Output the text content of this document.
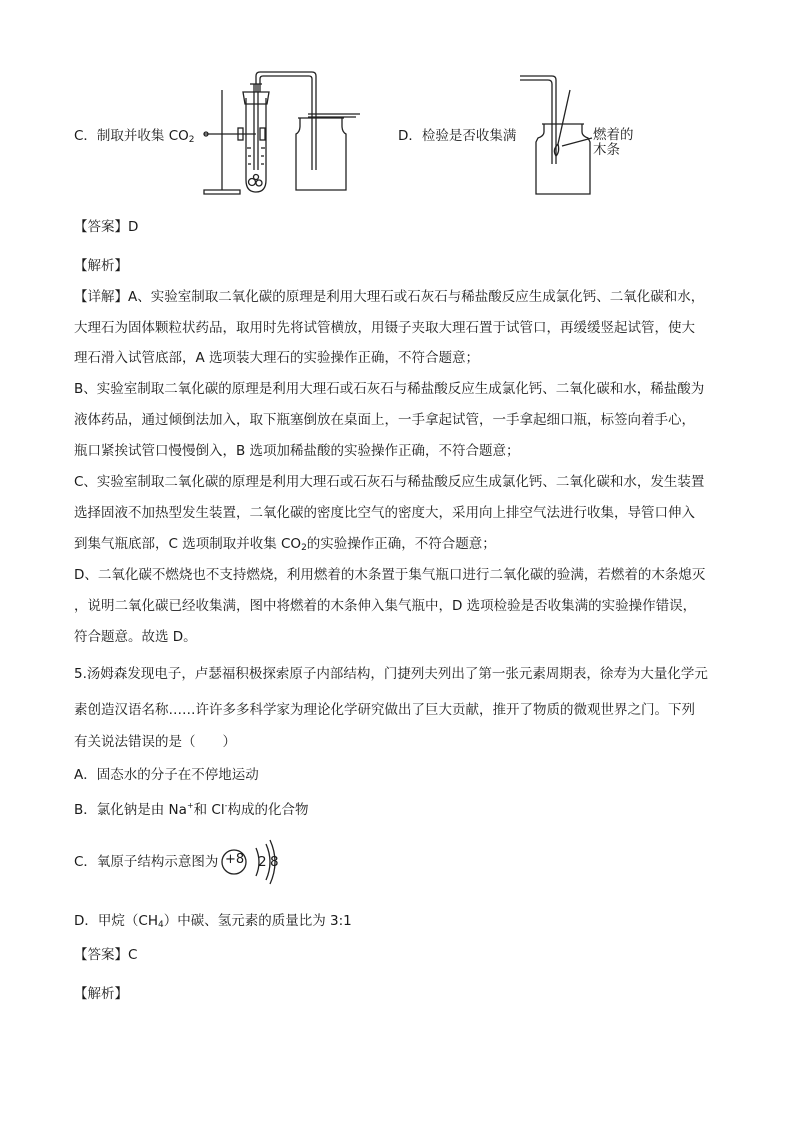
C．制取并收集 $CO_2$	D．检验是否收集满	燃着的
木条
【答案】D
【解析】
【详解】A、实验室制取二氧化碳的原理是利用大理石或石灰石与稀盐酸反应生成氯化钙、二氧化碳和水，
大理石为固体颗粒状药品，取用时先将试管横放，用镊子夹取大理石置于试管口，再缓缓竖起试管，使大
理石滑入试管底部，A 选项装大理石的实验操作正确，不符合题意；
B、实验室制取二氧化碳的原理是利用大理石或石灰石与稀盐酸反应生成氯化钙、二氧化碳和水，稀盐酸为
液体药品，通过倾倒法加入，取下瓶塞倒放在桌面上，一手拿起试管，一手拿起细口瓶，标签向着手心，
瓶口紧挨试管口慢慢倒入，B 选项加稀盐酸的实验操作正确，不符合题意；
C、实验室制取二氧化碳的原理是利用大理石或石灰石与稀盐酸反应生成氯化钙、二氧化碳和水，发生装置
选择固液不加热型发生装置，二氧化碳的密度比空气的密度大，采用向上排空气法进行收集，导管口伸入
到集气瓶底部，C 选项制取并收集 $CO_2$的实验操作正确，不符合题意；
D、二氧化碳不燃烧也不支持燃烧，利用燃着的木条置于集气瓶口进行二氧化碳的验满，若燃着的木条熄灭
，说明二氧化碳已经收集满，图中将燃着的木条伸入集气瓶中，D 选项检验是否收集满的实验操作错误，
符合题意。故选 D。
5.汤姆森发现电子，卢瑟福积极探索原子内部结构，门捷列夫列出了第一张元素周期表，徐寿为大量化学元
素创造汉语名称……许许多多科学家为理论化学研究做出了巨大贡献，推开了物质的微观世界之门。下列
有关说法错误的是（　　）
A．固态水的分子在不停地运动
B．氯化钠是由 Na+和 Cl-构成的化合物
C．氧原子结构示意图为 +8 2 8
D．甲烷$(CH_4)$中碳、氢元素的质量比为 3:1
【答案】C
【解析】
